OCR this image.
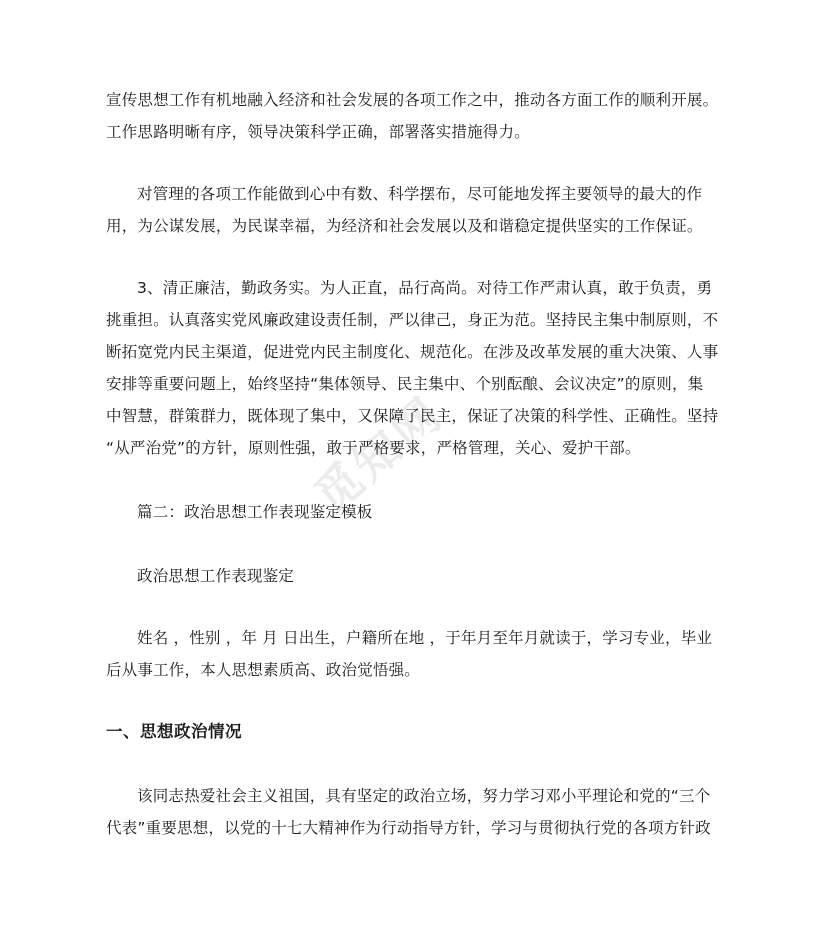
觅知网
宣传思想工作有机地融入经济和社会发展的各项工作之中，推动各方面工作的顺利开展。
工作思路明晰有序，领导决策科学正确，部署落实措施得力。
对管理的各项工作能做到心中有数、科学摆布，尽可能地发挥主要领导的最大的作
用，为公谋发展，为民谋幸福，为经济和社会发展以及和谐稳定提供坚实的工作保证。
3、清正廉洁，勤政务实。为人正直，品行高尚。对待工作严肃认真，敢于负责，勇
挑重担。认真落实党风廉政建设责任制，严以律己，身正为范。坚持民主集中制原则，不
断拓宽党内民主渠道，促进党内民主制度化、规范化。在涉及改革发展的重大决策、人事
安排等重要问题上，始终坚持“集体领导、民主集中、个别酝酿、会议决定”的原则，集
中智慧，群策群力，既体现了集中，又保障了民主，保证了决策的科学性、正确性。坚持
“从严治党”的方针，原则性强，敢于严格要求，严格管理，关心、爱护干部。
篇二：政治思想工作表现鉴定模板
政治思想工作表现鉴定
姓名 ，性别 ，年 月 日出生，户籍所在地 ，于年月至年月就读于，学习专业，毕业
后从事工作，本人思想素质高、政治觉悟强。
一、思想政治情况
该同志热爱社会主义祖国，具有坚定的政治立场，努力学习邓小平理论和党的“三个
代表”重要思想，以党的十七大精神作为行动指导方针，学习与贯彻执行党的各项方针政
